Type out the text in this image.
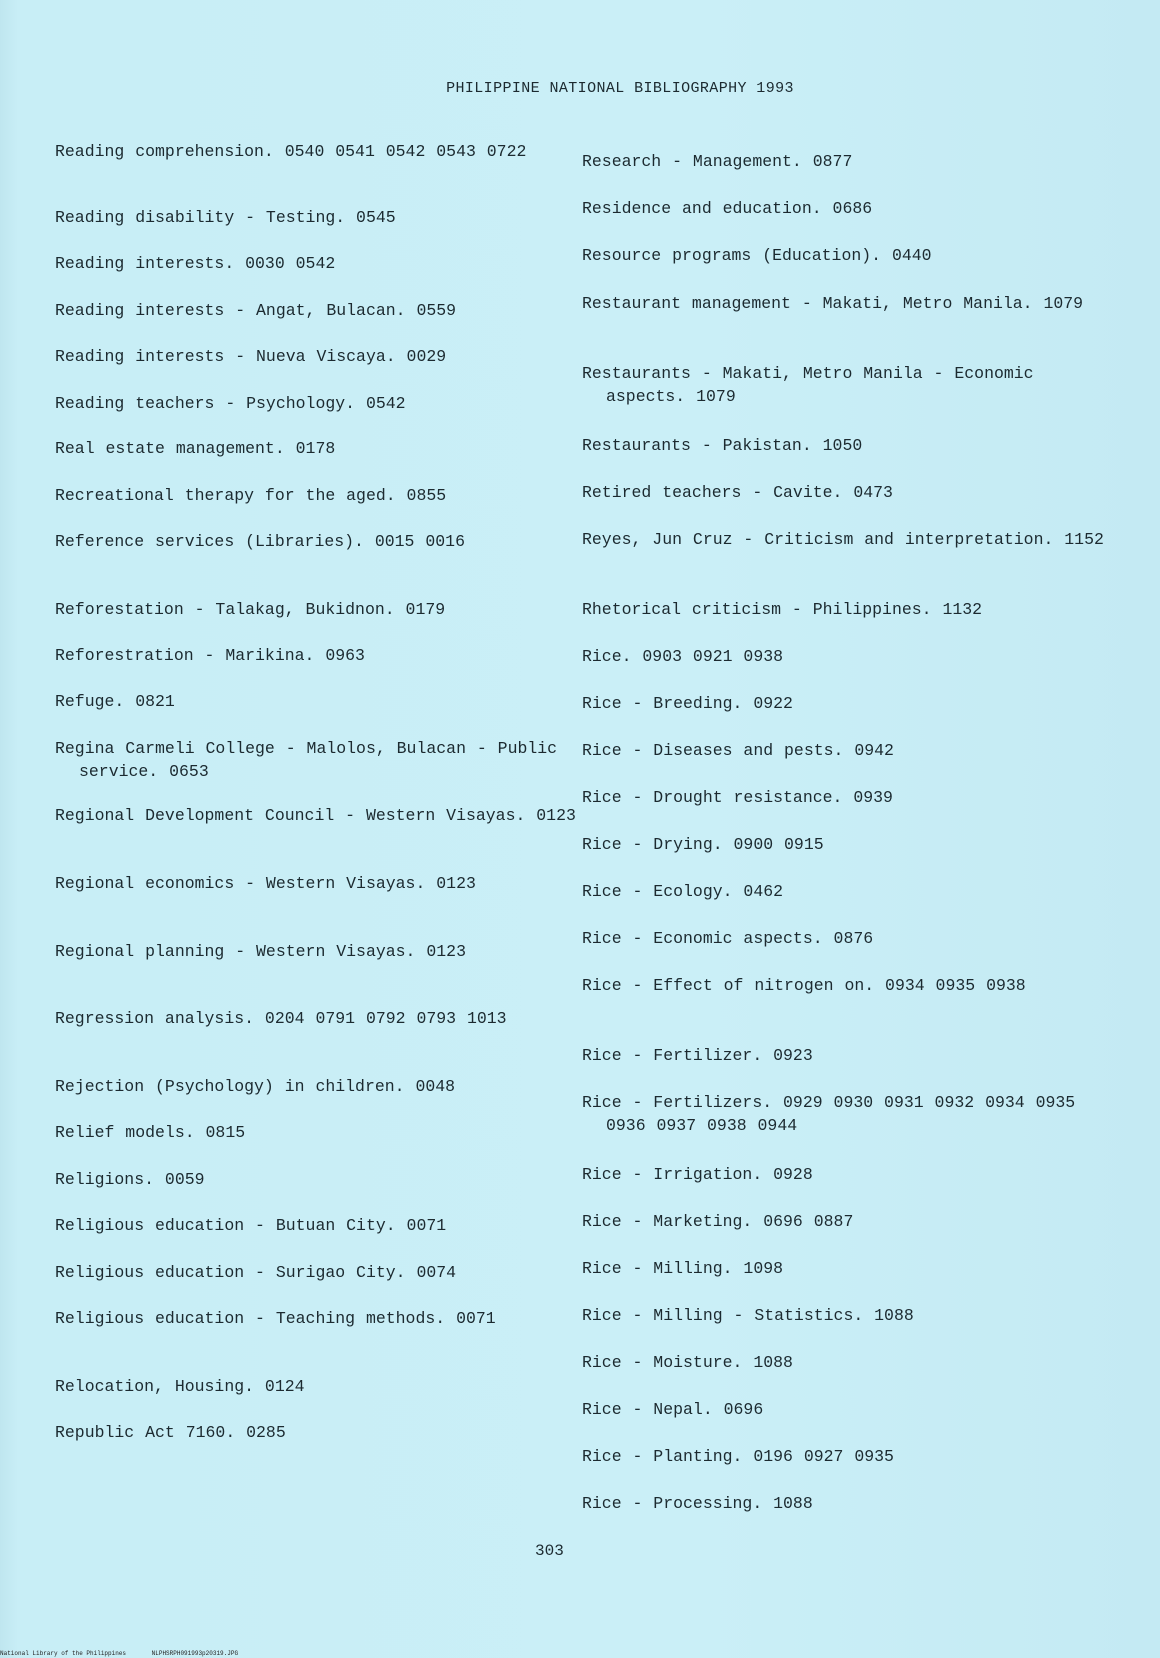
PHILIPPINE NATIONAL BIBLIOGRAPHY 1993
Reading comprehension. 0540 0541 0542 0543 0722
Reading disability - Testing. 0545
Reading interests. 0030 0542
Reading interests - Angat, Bulacan. 0559
Reading interests - Nueva Viscaya. 0029
Reading teachers - Psychology. 0542
Real estate management. 0178
Recreational therapy for the aged. 0855
Reference services (Libraries). 0015 0016
Reforestation - Talakag, Bukidnon. 0179
Reforestration - Marikina. 0963
Refuge. 0821
Regina Carmeli College - Malolos, Bulacan - Public service. 0653
Regional Development Council - Western Visayas. 0123
Regional economics - Western Visayas. 0123
Regional planning - Western Visayas. 0123
Regression analysis. 0204 0791 0792 0793 1013
Rejection (Psychology) in children. 0048
Relief models. 0815
Religions. 0059
Religious education - Butuan City. 0071
Religious education - Surigao City. 0074
Religious education - Teaching methods. 0071
Relocation, Housing. 0124
Republic Act 7160. 0285
Research - Management. 0877
Residence and education. 0686
Resource programs (Education). 0440
Restaurant management - Makati, Metro Manila. 1079
Restaurants - Makati, Metro Manila - Economic aspects. 1079
Restaurants - Pakistan. 1050
Retired teachers - Cavite. 0473
Reyes, Jun Cruz - Criticism and interpretation. 1152
Rhetorical criticism - Philippines. 1132
Rice. 0903 0921 0938
Rice - Breeding. 0922
Rice - Diseases and pests. 0942
Rice - Drought resistance. 0939
Rice - Drying. 0900 0915
Rice - Ecology. 0462
Rice - Economic aspects. 0876
Rice - Effect of nitrogen on. 0934 0935 0938
Rice - Fertilizer. 0923
Rice - Fertilizers. 0929 0930 0931 0932 0934 0935 0936 0937 0938 0944
Rice - Irrigation. 0928
Rice - Marketing. 0696 0887
Rice - Milling. 1098
Rice - Milling - Statistics. 1088
Rice - Moisture. 1088
Rice - Nepal. 0696
Rice - Planting. 0196 0927 0935
Rice - Processing. 1088
303
National Library of the Philippines	NLPHSRPH091993p20319.JPG
